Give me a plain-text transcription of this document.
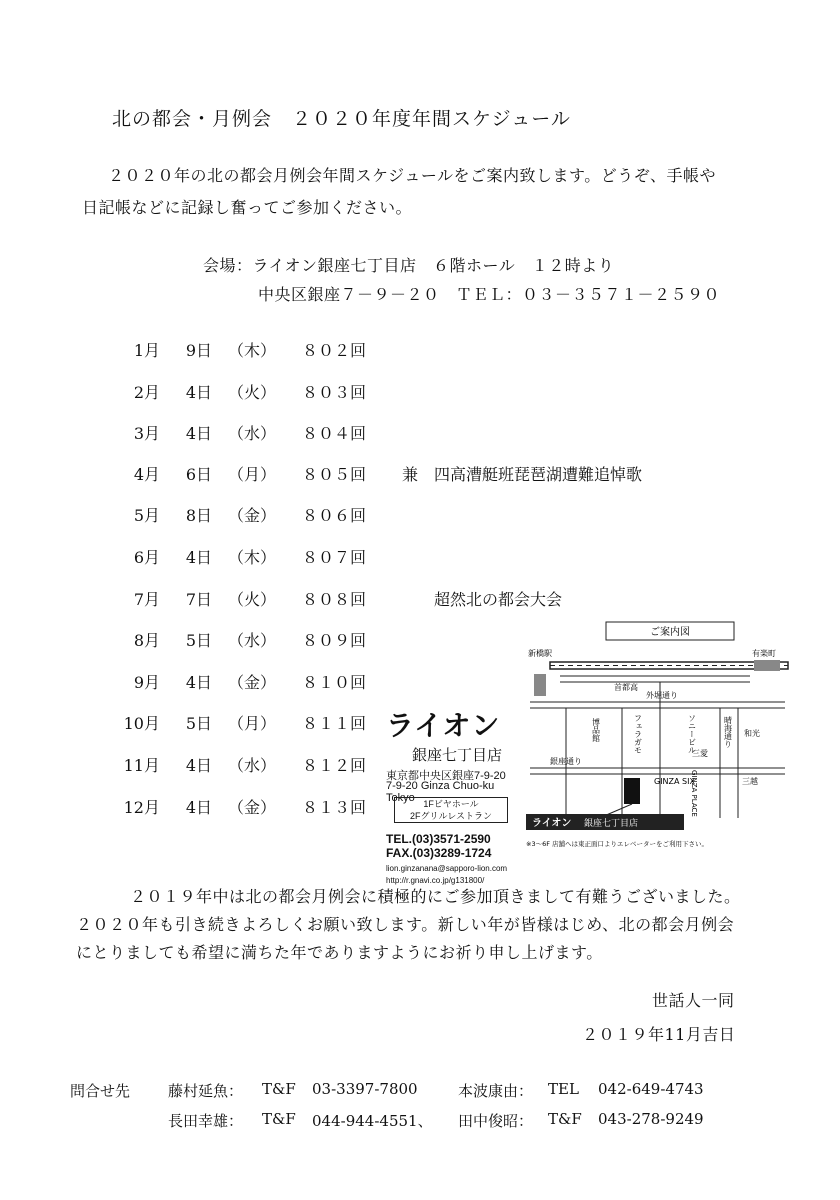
北の都会・月例会　２０２０年度年間スケジュール
２０２０年の北の都会月例会年間スケジュールをご案内致します。どうぞ、手帳や
日記帳などに記録し奮ってご参加ください。
会場：ライオン銀座七丁目店　６階ホール　１２時より
中央区銀座７－９－２０　ＴＥＬ：０３－３５７１－２５９０
1月	9日 （木） ８０２回
2月	4日 （火） ８０３回
3月	4日 （水） ８０４回
4月	6日 （月） ８０５回 兼　四高漕艇班琵琶湖遭難追悼歌
5月	8日 （金） ８０６回
6月	4日 （木） ８０７回
7月	7日 （火） ８０８回 　　超然北の都会大会
8月	5日 （水） ８０９回
9月	4日 （金） ８１０回
10月	5日 （月） ８１１回
11月	4日 （水） ８１２回
12月	4日 （金） ８１３回
ライオン
銀座七丁目店
東京都中央区銀座7-9-20
7-9-20 Ginza Chuo-ku Tokyo 1Fビヤホール
2Fグリルレストラン
TEL.(03)3571-2590
FAX.(03)3289-1724
lion.ginzanana@sapporo-lion.com
http://r.gnavi.co.jp/g131800/
ご案内図
新橋駅	有楽町
首都高
外堀通り
銀座通り
博品館	フェラガモ	ソニービル	晴海通り 和光
三越
三愛
GINZA SIX
GINZA PLACE
ライオン 銀座七丁目店
※3〜6F 店舗へは東正面口よりエレベーターをご利用下さい。
２０１９年中は北の都会月例会に積極的にご参加頂きまして有難うございました。
２０２０年も引き続きよろしくお願い致します。新しい年が皆様はじめ、北の都会月例会
にとりましても希望に満ちた年でありますようにお祈り申し上げます。
世話人一同
２０１９年11月吉日
問合せ先	藤村延魚： T&F 03-3397-7800	本波康由： TEL 042-649-4743
長田幸雄： T&F 044-944-4551、 田中俊昭： T&F 043-278-9249
